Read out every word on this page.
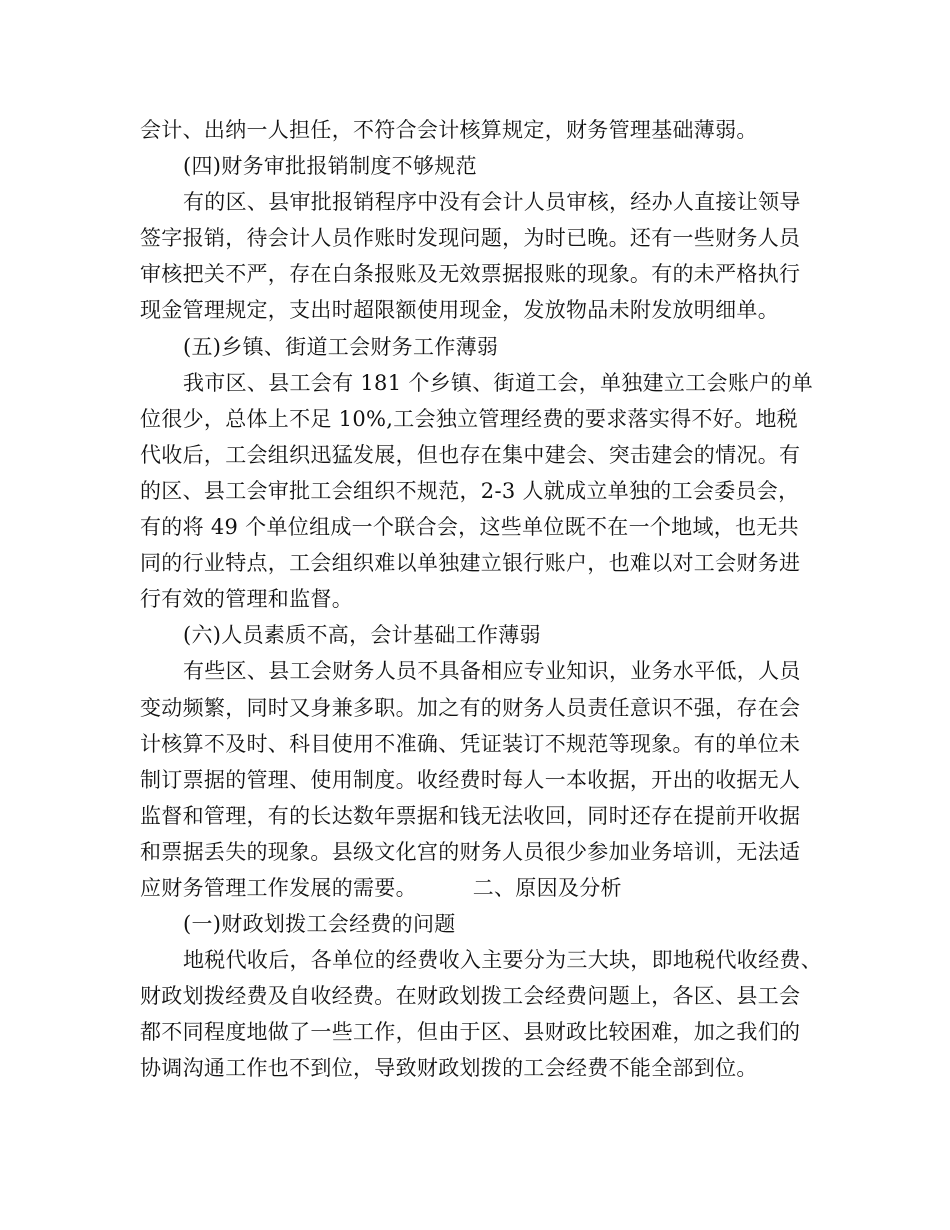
会计、出纳一人担任，不符合会计核算规定，财务管理基础薄弱。
(四)财务审批报销制度不够规范
有的区、县审批报销程序中没有会计人员审核，经办人直接让领导
签字报销，待会计人员作账时发现问题，为时已晚。还有一些财务人员
审核把关不严，存在白条报账及无效票据报账的现象。有的未严格执行
现金管理规定，支出时超限额使用现金，发放物品未附发放明细单。
(五)乡镇、街道工会财务工作薄弱
我市区、县工会有 181 个乡镇、街道工会，单独建立工会账户的单
位很少，总体上不足 10%,工会独立管理经费的要求落实得不好。地税
代收后，工会组织迅猛发展，但也存在集中建会、突击建会的情况。有
的区、县工会审批工会组织不规范，2-3 人就成立单独的工会委员会，
有的将 49 个单位组成一个联合会，这些单位既不在一个地域，也无共
同的行业特点，工会组织难以单独建立银行账户，也难以对工会财务进
行有效的管理和监督。
(六)人员素质不高，会计基础工作薄弱
有些区、县工会财务人员不具备相应专业知识，业务水平低，人员
变动频繁，同时又身兼多职。加之有的财务人员责任意识不强，存在会
计核算不及时、科目使用不准确、凭证装订不规范等现象。有的单位未
制订票据的管理、使用制度。收经费时每人一本收据，开出的收据无人
监督和管理，有的长达数年票据和钱无法收回，同时还存在提前开收据
和票据丢失的现象。县级文化宫的财务人员很少参加业务培训，无法适
应财务管理工作发展的需要。        二、原因及分析
(一)财政划拨工会经费的问题
地税代收后，各单位的经费收入主要分为三大块，即地税代收经费、
财政划拨经费及自收经费。在财政划拨工会经费问题上，各区、县工会
都不同程度地做了一些工作，但由于区、县财政比较困难，加之我们的
协调沟通工作也不到位，导致财政划拨的工会经费不能全部到位。
